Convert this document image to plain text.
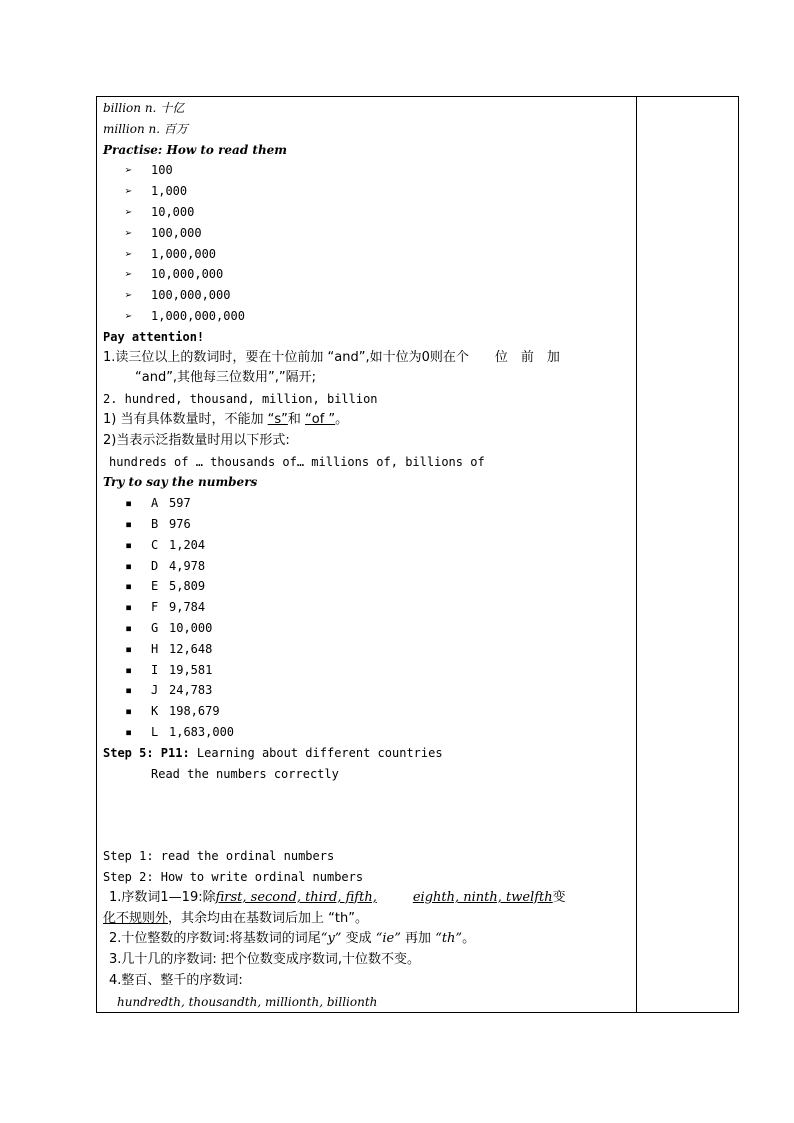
billion n. 十亿
million n. 百万
Practise: How to read them
➢ 100
➢ 1,000
➢ 10,000
➢ 100,000
➢ 1,000,000
➢ 10,000,000
➢ 100,000,000
➢ 1,000,000,000
Pay attention!
1.读三位以上的数词时，要在十位前加 “and”,如十位为0则在个　　位　前　加
“and”,其他每三位数用”,”隔开;
2. hundred, thousand, million, billion
1) 当有具体数量时，不能加 “s”和 “of ”。
2)当表示泛指数量时用以下形式:
hundreds of … thousands of… millions of, billions of
Try to say the numbers
▪ A 597
▪ B 976
▪ C 1,204
▪ D 4,978
▪ E 5,809
▪ F 9,784
▪ G 10,000
▪ H 12,648
▪ I 19,581
▪ J 24,783
▪ K 198,679
▪ L 1,683,000
Step 5: P11: Learning about different countries
Read the numbers correctly
Step 1: read the ordinal numbers
Step 2: How to write ordinal numbers
1.序数词1—19:除first, second, third, fifth,	eighth, ninth, twelfth变
化不规则外，其余均由在基数词后加上 “th”。
2.十位整数的序数词:将基数词的词尾“y” 变成 “ie” 再加 “th”。
3.几十几的序数词: 把个位数变成序数词,十位数不变。
4.整百、整千的序数词:
hundredth, thousandth, millionth, billionth
